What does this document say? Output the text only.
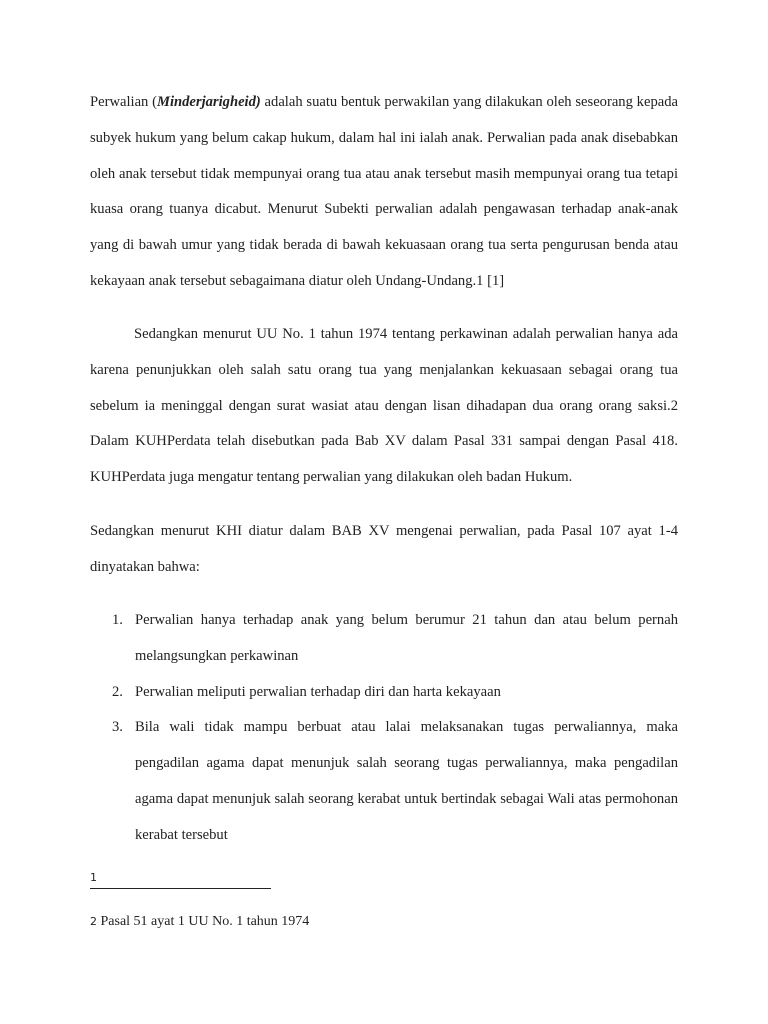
Perwalian (Minderjarigheid) adalah suatu bentuk perwakilan yang dilakukan oleh seseorang kepada subyek hukum yang belum cakap hukum, dalam hal ini ialah anak. Perwalian pada anak disebabkan oleh anak tersebut tidak mempunyai orang tua atau anak tersebut masih mempunyai orang tua tetapi kuasa orang tuanya dicabut. Menurut Subekti perwalian adalah pengawasan terhadap anak-anak yang di bawah umur yang tidak berada di bawah kekuasaan orang tua serta pengurusan benda atau kekayaan anak tersebut sebagaimana diatur oleh Undang-Undang.1 [1]

Sedangkan menurut UU No. 1 tahun 1974 tentang perkawinan adalah perwalian hanya ada karena penunjukkan oleh salah satu orang tua yang menjalankan kekuasaan sebagai orang tua sebelum ia meninggal dengan surat wasiat atau dengan lisan dihadapan dua orang orang saksi.2 Dalam KUHPerdata telah disebutkan pada Bab XV dalam Pasal 331 sampai dengan Pasal 418. KUHPerdata juga mengatur tentang perwalian yang dilakukan oleh badan Hukum.

Sedangkan menurut KHI diatur dalam BAB XV mengenai perwalian, pada Pasal 107 ayat 1-4 dinyatakan bahwa:

1. Perwalian hanya terhadap anak yang belum berumur 21 tahun dan atau belum pernah melangsungkan perkawinan
2. Perwalian meliputi perwalian terhadap diri dan harta kekayaan
3. Bila wali tidak mampu berbuat atau lalai melaksanakan tugas perwaliannya, maka pengadilan agama dapat menunjuk salah seorang tugas perwaliannya, maka pengadilan agama dapat menunjuk salah seorang kerabat untuk bertindak sebagai Wali atas permohonan kerabat tersebut
1
2 Pasal 51 ayat 1 UU No. 1 tahun 1974
